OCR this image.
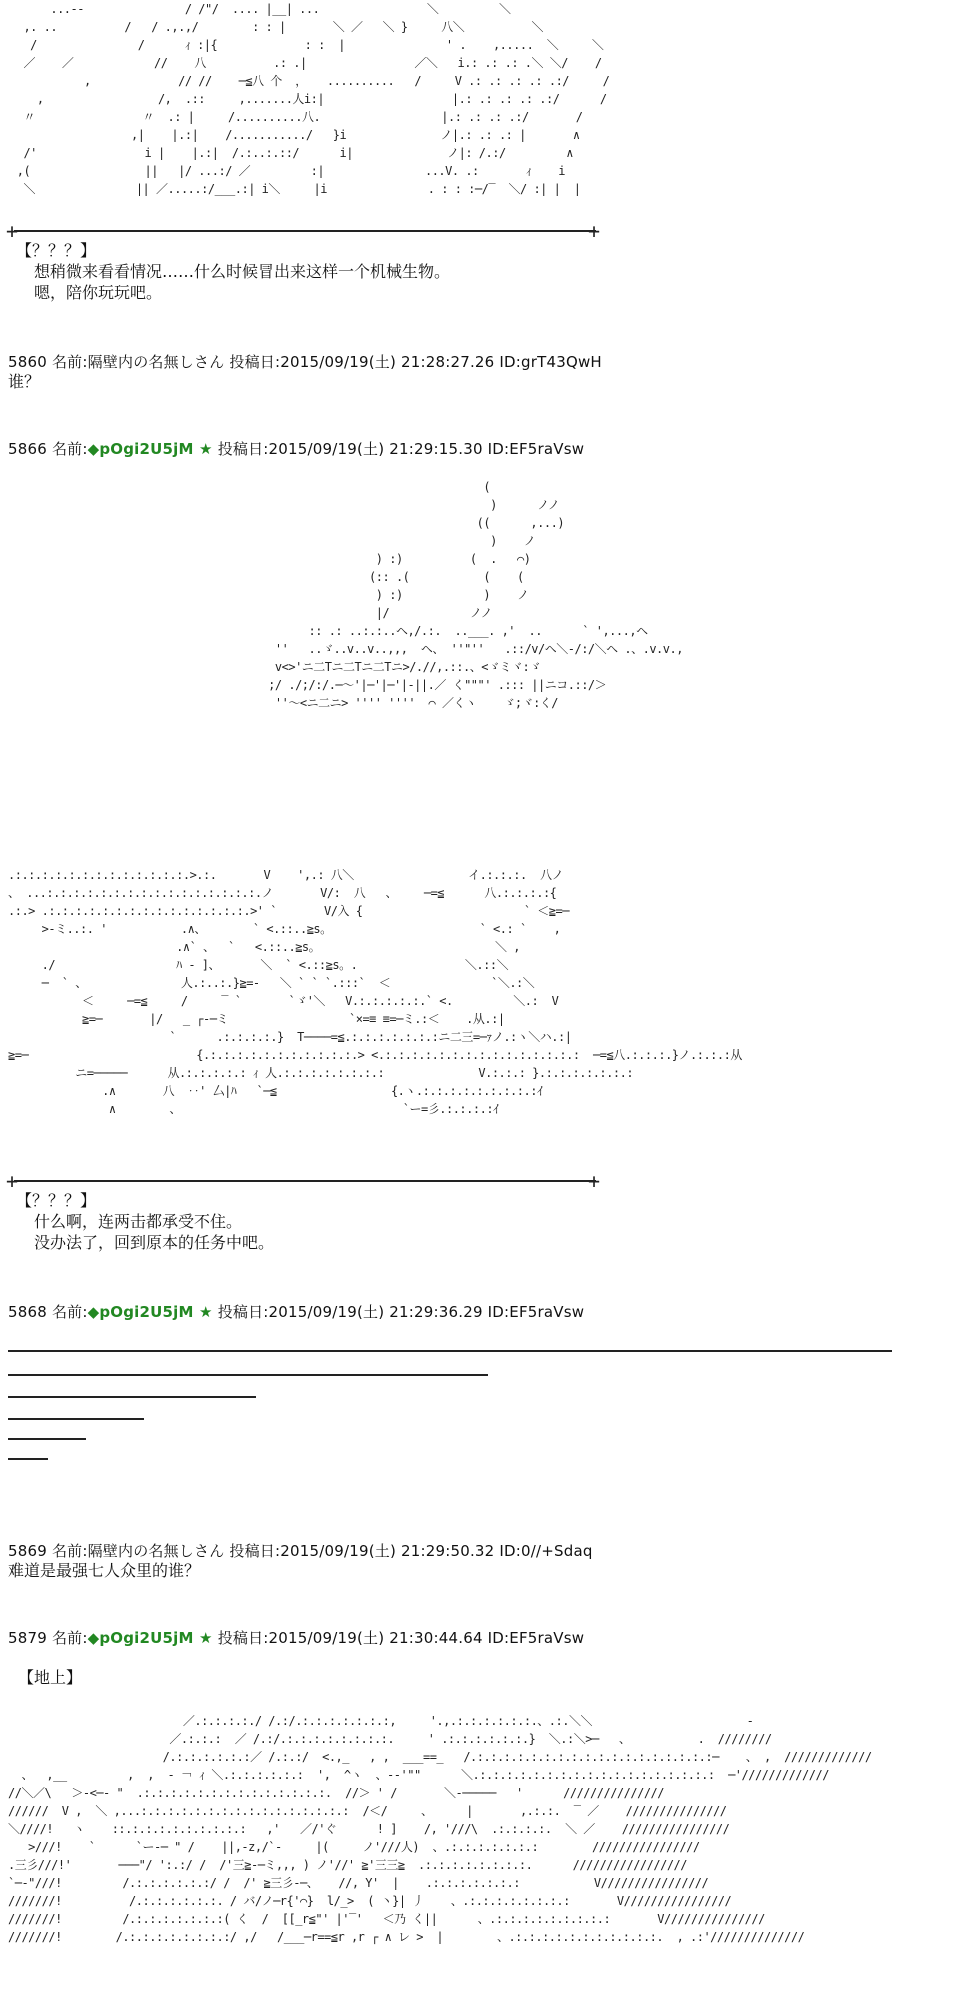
...--               / /"/  .... |__| ...                ＼         ＼
,. ..          /   / .,.,/        : : |       ＼ ／   ＼ }     八＼          ＼
/               /      ｨ :|{             : :  |               ' .    ,.....  ＼     ＼
／    ／            //    八          .: .|                ／＼   i.: .: .: .＼ ＼/    /
,             // //    ─≦八 个  ，   ..........   /     V .: .: .: .: .:/     /
,                 /,  .::     ,.......人i:|                   |.: .: .: .: .:/      /
〃                〃  .: |     /..........八.                  |.: .: .: .:/       /
,|    |.:|    /.........../   }i              ノ|.: .: .: |       ∧
/'                i |    |.:|  /.:..:.::/      i|              ノ|: /.:/         ∧
,(                 ||   |/ ...:/ ／         :|               ...V. .:       ｨ    i
＼               || ／.....:/___.:| i＼     |i               . : : :─/‾  ＼/ :| |  |
+	+
【？？？】
想稍微来看看情况……什么时候冒出来这样一个机械生物。
嗯，陪你玩玩吧。
5860 名前:隔壁内の名無しさん 投稿日:2015/09/19(土) 21:28:27.26 ID:grT43QwH
谁？
5866 名前:◆pOgi2U5jM ★ 投稿日:2015/09/19(土) 21:29:15.30 ID:EF5raVsw
(
)      ノノ
((      ,...)
)    ノ
) :)          (  .   ⌒)
(:: .(           (    (
) :)            )    ノ
|/            ノノ
:: .: ..:.:..ヘ,/.:.  ..___. ,'  ..      ` ',...,ヘ
''   ..ゞ..v..v..,,,  ヘ、 ''"''   .::/v/ヘ＼-/:/＼ヘ .、.v.v.,
v<>'ニ二Tニ二Tニ二Tニ>/.//,.::.、<ゞミヾ:ゞ
;/ ./;/:/.─〜'|─'|─'|-||.／ く"""' .::: ||ニコ.::/＞
''〜<ニ二ニ> '''' ''''  ⌒ ／くヽ    ゞ;ヾ:く/
.:.:.:.:.:.:.:.:.:.:.:.:.:.>.:.       V    ',.: 八＼                 イ.:.:.:.  八ノ
、 ...:.:.:.:.:.:.:.:.:.:.:.:.:.:.:.:.ノ       V/:  八   、    ─=≦      八.:.:.:.:{
.:.> .:.:.:.:.:.:.:.:.:.:.:.:.:.:.:.>' `       V/入 {                        ` ＜≧=─
>-ミ..:. '           .∧、       ` <.::..≧s。                      ` <.: `    ,
.∧` 、  `   <.::..≧s。                          ＼ ,
./                  ﾊ - ]、      ＼  ` <.::≧s。.                ＼.::＼
─  ` 、              人.:..:.}≧=-   ＼ ` ` `.:::`  ＜               `＼.:＼
＜     ─=≦     /     ‾ `       `ゞ'＼   V.:.:.:.:.:.` <.         ＼.:  V
≧=─       |/   _ ┌-─ミ                  `×=≡ ≡=─ミ.:＜    .从.:|
`      .:.:.:.:.}  T────=≦.:.:.:.:.:.:.:ニ二三=─ｧノ.:ヽ＼ハ.:|
≧=─                         {.:.:.:.:.:.:.:.:.:.:.:.> <.:.:.:.:.:.:.:.:.:.:.:.:.:.:.:  ─=≦八.:.:.:.}ノ.:.:.:从
ニ=─────      从.:.:.:.:.: ｨ 人.:.:.:.:.:.:.:.:              V.:.:.: }.:.:.:.:.:.:.:
.∧       八  ‥' 厶|ﾊ   `─≦                 {.ヽ.:.:.:.:.:.:.:.:.:ｲ
∧        、                                 `ー=彡.:.:.:.:ｲ
+	+
【？？？】
什么啊，连两击都承受不住。
没办法了，回到原本的任务中吧。
5868 名前:◆pOgi2U5jM ★ 投稿日:2015/09/19(土) 21:29:36.29 ID:EF5raVsw
5869 名前:隔壁内の名無しさん 投稿日:2015/09/19(土) 21:29:50.32 ID:0//+Sdaq
难道是最强七人众里的谁？
5879 名前:◆pOgi2U5jM ★ 投稿日:2015/09/19(土) 21:30:44.64 ID:EF5raVsw
【地上】
／.:.:.:.:./ /.:/.:.:.:.:.:.:.:,     '.,.:.:.:.:.:.:.、.:.＼＼                       -
／.:.:.:  ／ /.:/.:.:.:.:.:.:.:.:.     ' .:.:.:.:.:.:.}  ＼.:＼>─   、          .  ////////
/.:.:.:.:.:.:／ /.:.:/  <.,_   , ,  ___==_   /.:.:.:.:.:.:.:.:.:.:.:.:.:.:.:.:.:.:─    、 ,  /////////////
、  ,__         ,  ,  ‐ ￢ ｨ ＼.:.:.:.:.:.:  ',  ^ヽ  、-‐'""      ＼.:.:.:.:.:.:.:.:.:.:.:.:.:.:.:.:.:.:  ─'/////////////
//＼／\   ＞-<─‐ "  .:.:.:.:.:.:.:.:.:.:.:.:.:.:.  //＞ ' /       ＼‐─────   '      ///////////////
//////  V ,  ＼ ,...:.:.:.:.:.:.:.:.:.:.:.:.:.:.:.:  /＜/     、     |       ,.:.:.  ‾ ／    ///////////////
＼////!   ヽ    ::.:.:.:.:.:.:.:.:.:   ,'   ／/'ぐ      ! ]    /, '///\  .:.:.:.:.  ＼ ／    ////////////////
>///!    `      `ー‐─ " /    ||,-z,/`-     |(     ノ'///人)  、.:.:.:.:.:.:.:        ////////////////
.三彡///!'       ───"/ ':.:/ /  /'三≧‐─ミ,,, ) ノ'//' ≧'三三≧  .:.:.:.:.:.:.:.:.      /////////////////
`─-"///!         /.:.:.:.:.:.:/ /  /' ≧三彡-─、   //, Y'  |    .:.:.:.:.:.:.:           V////////////////
///////!          /.:.:.:.:.:.:. / バ/ノ─r{'⌒}  l/_>  ( 丶}| 丿    、.:.:.:.:.:.:.:.:       V////////////////
///////!         /.:.:.:.:.:.:.:( く  /  [[_r≦"' |'‾'   ＜乃 く||      、.:.:.:.:.:.:.:.:.:       V///////////////
///////!        /.:.:.:.:.:.:.:.:/ ,/   /___─r==≦r ,r ┌ ∧ レ >  |        、.:.:.:.:.:.:.:.:.:.:.:.  , .:'//////////////
